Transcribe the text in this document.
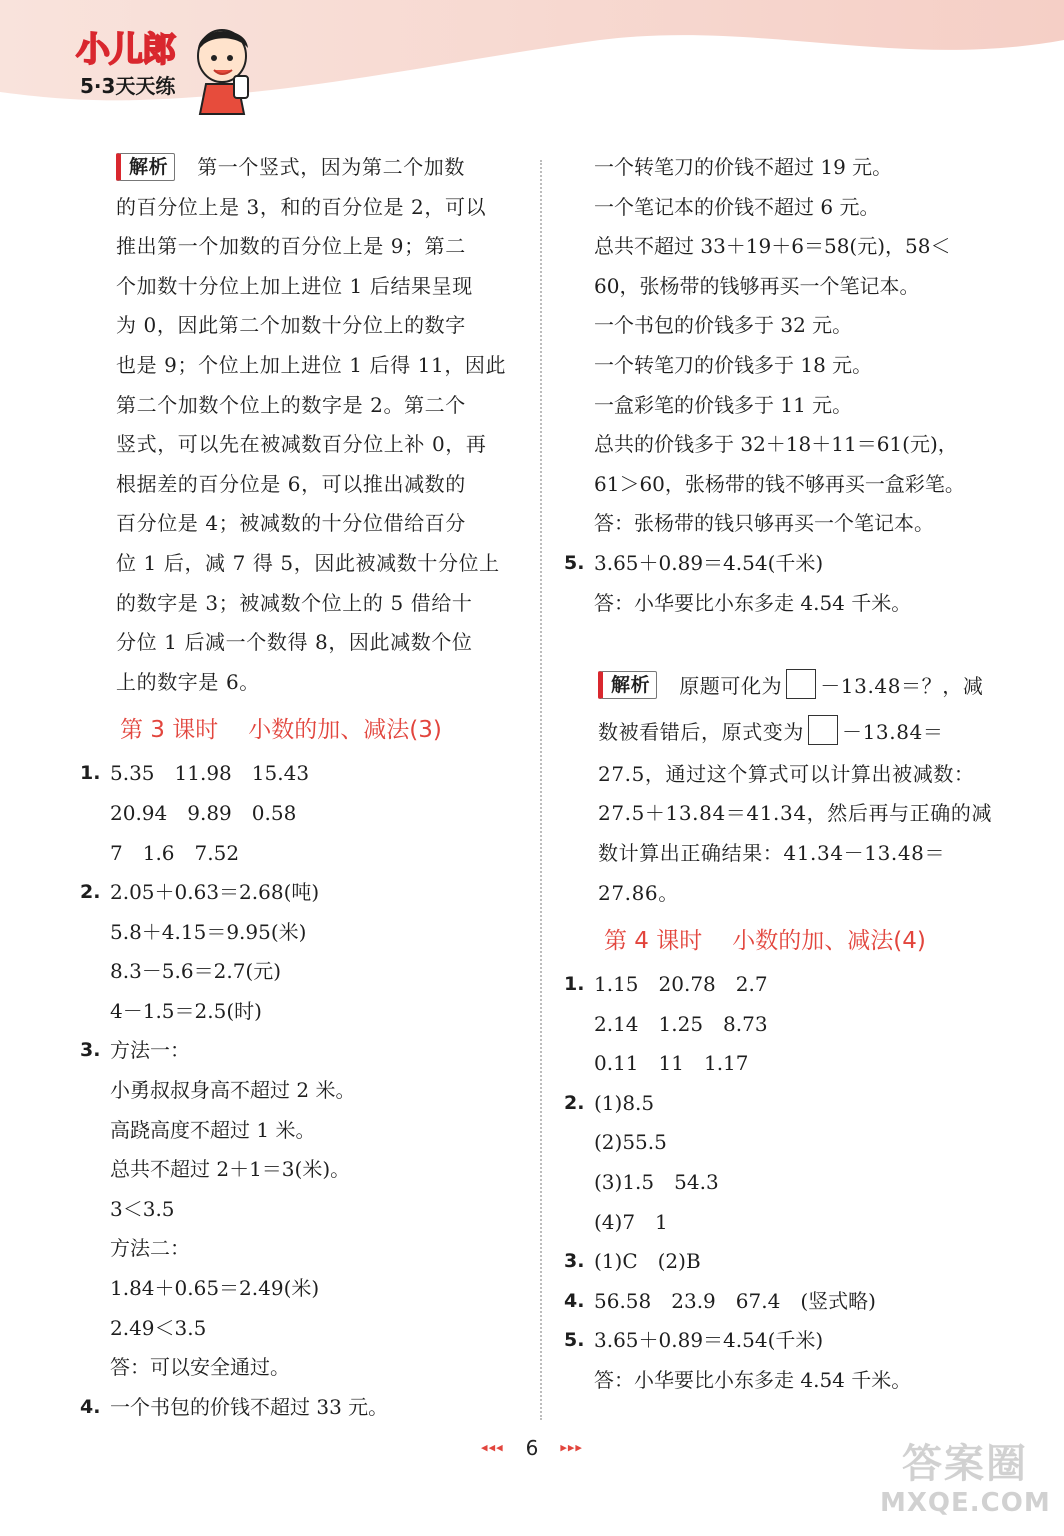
小儿郎
5·3天天练
解析 第一个竖式，因为第二个加数
的百分位上是 3，和的百分位是 2，可以
推出第一个加数的百分位上是 9；第二
个加数十分位上加上进位 1 后结果呈现
为 0，因此第二个加数十分位上的数字
也是 9；个位上加上进位 1 后得 11，因此
第二个加数个位上的数字是 2。第二个
竖式，可以先在被减数百分位上补 0，再
根据差的百分位是 6，可以推出减数的
百分位是 4；被减数的十分位借给百分
位 1 后，减 7 得 5，因此被减数十分位上
的数字是 3；被减数个位上的 5 借给十
分位 1 后减一个数得 8，因此减数个位
上的数字是 6。
第 3 课时 小数的加、减法(3)
1. 5.35　11.98　15.43
20.94　9.89　0.58
7　1.6　7.52
2. 2.05＋0.63＝2.68(吨)
5.8＋4.15＝9.95(米)
8.3－5.6＝2.7(元)
4－1.5＝2.5(时)
3. 方法一：
小勇叔叔身高不超过 2 米。
高跷高度不超过 1 米。
总共不超过 2＋1＝3(米)。
3＜3.5
方法二：
1.84＋0.65＝2.49(米)
2.49＜3.5
答：可以安全通过。
4. 一个书包的价钱不超过 33 元。
一个转笔刀的价钱不超过 19 元。
一个笔记本的价钱不超过 6 元。
总共不超过 33＋19＋6＝58(元)，58＜
60，张杨带的钱够再买一个笔记本。
一个书包的价钱多于 32 元。
一个转笔刀的价钱多于 18 元。
一盒彩笔的价钱多于 11 元。
总共的价钱多于 32＋18＋11＝61(元)，
61＞60，张杨带的钱不够再买一盒彩笔。
答：张杨带的钱只够再买一个笔记本。
5. 3.65＋0.89＝4.54(千米)
答：小华要比小东多走 4.54 千米。
解析 原题可化为 －13.48＝？，减
数被看错后，原式变为 －13.84＝
27.5，通过这个算式可以计算出被减数：
27.5＋13.84＝41.34，然后再与正确的减
数计算出正确结果：41.34－13.48＝
27.86。
第 4 课时 小数的加、减法(4)
1. 1.15　20.78　2.7
2.14　1.25　8.73
0.11　11　1.17
2. (1)8.5
(2)55.5
(3)1.5　54.3
(4)7　1
3. (1)C　(2)B
4. 56.58　23.9　67.4　(竖式略)
5. 3.65＋0.89＝4.54(千米)
答：小华要比小东多走 4.54 千米。
◂◂◂ 6 ▸▸▸	答案圈
MXQE.COM
